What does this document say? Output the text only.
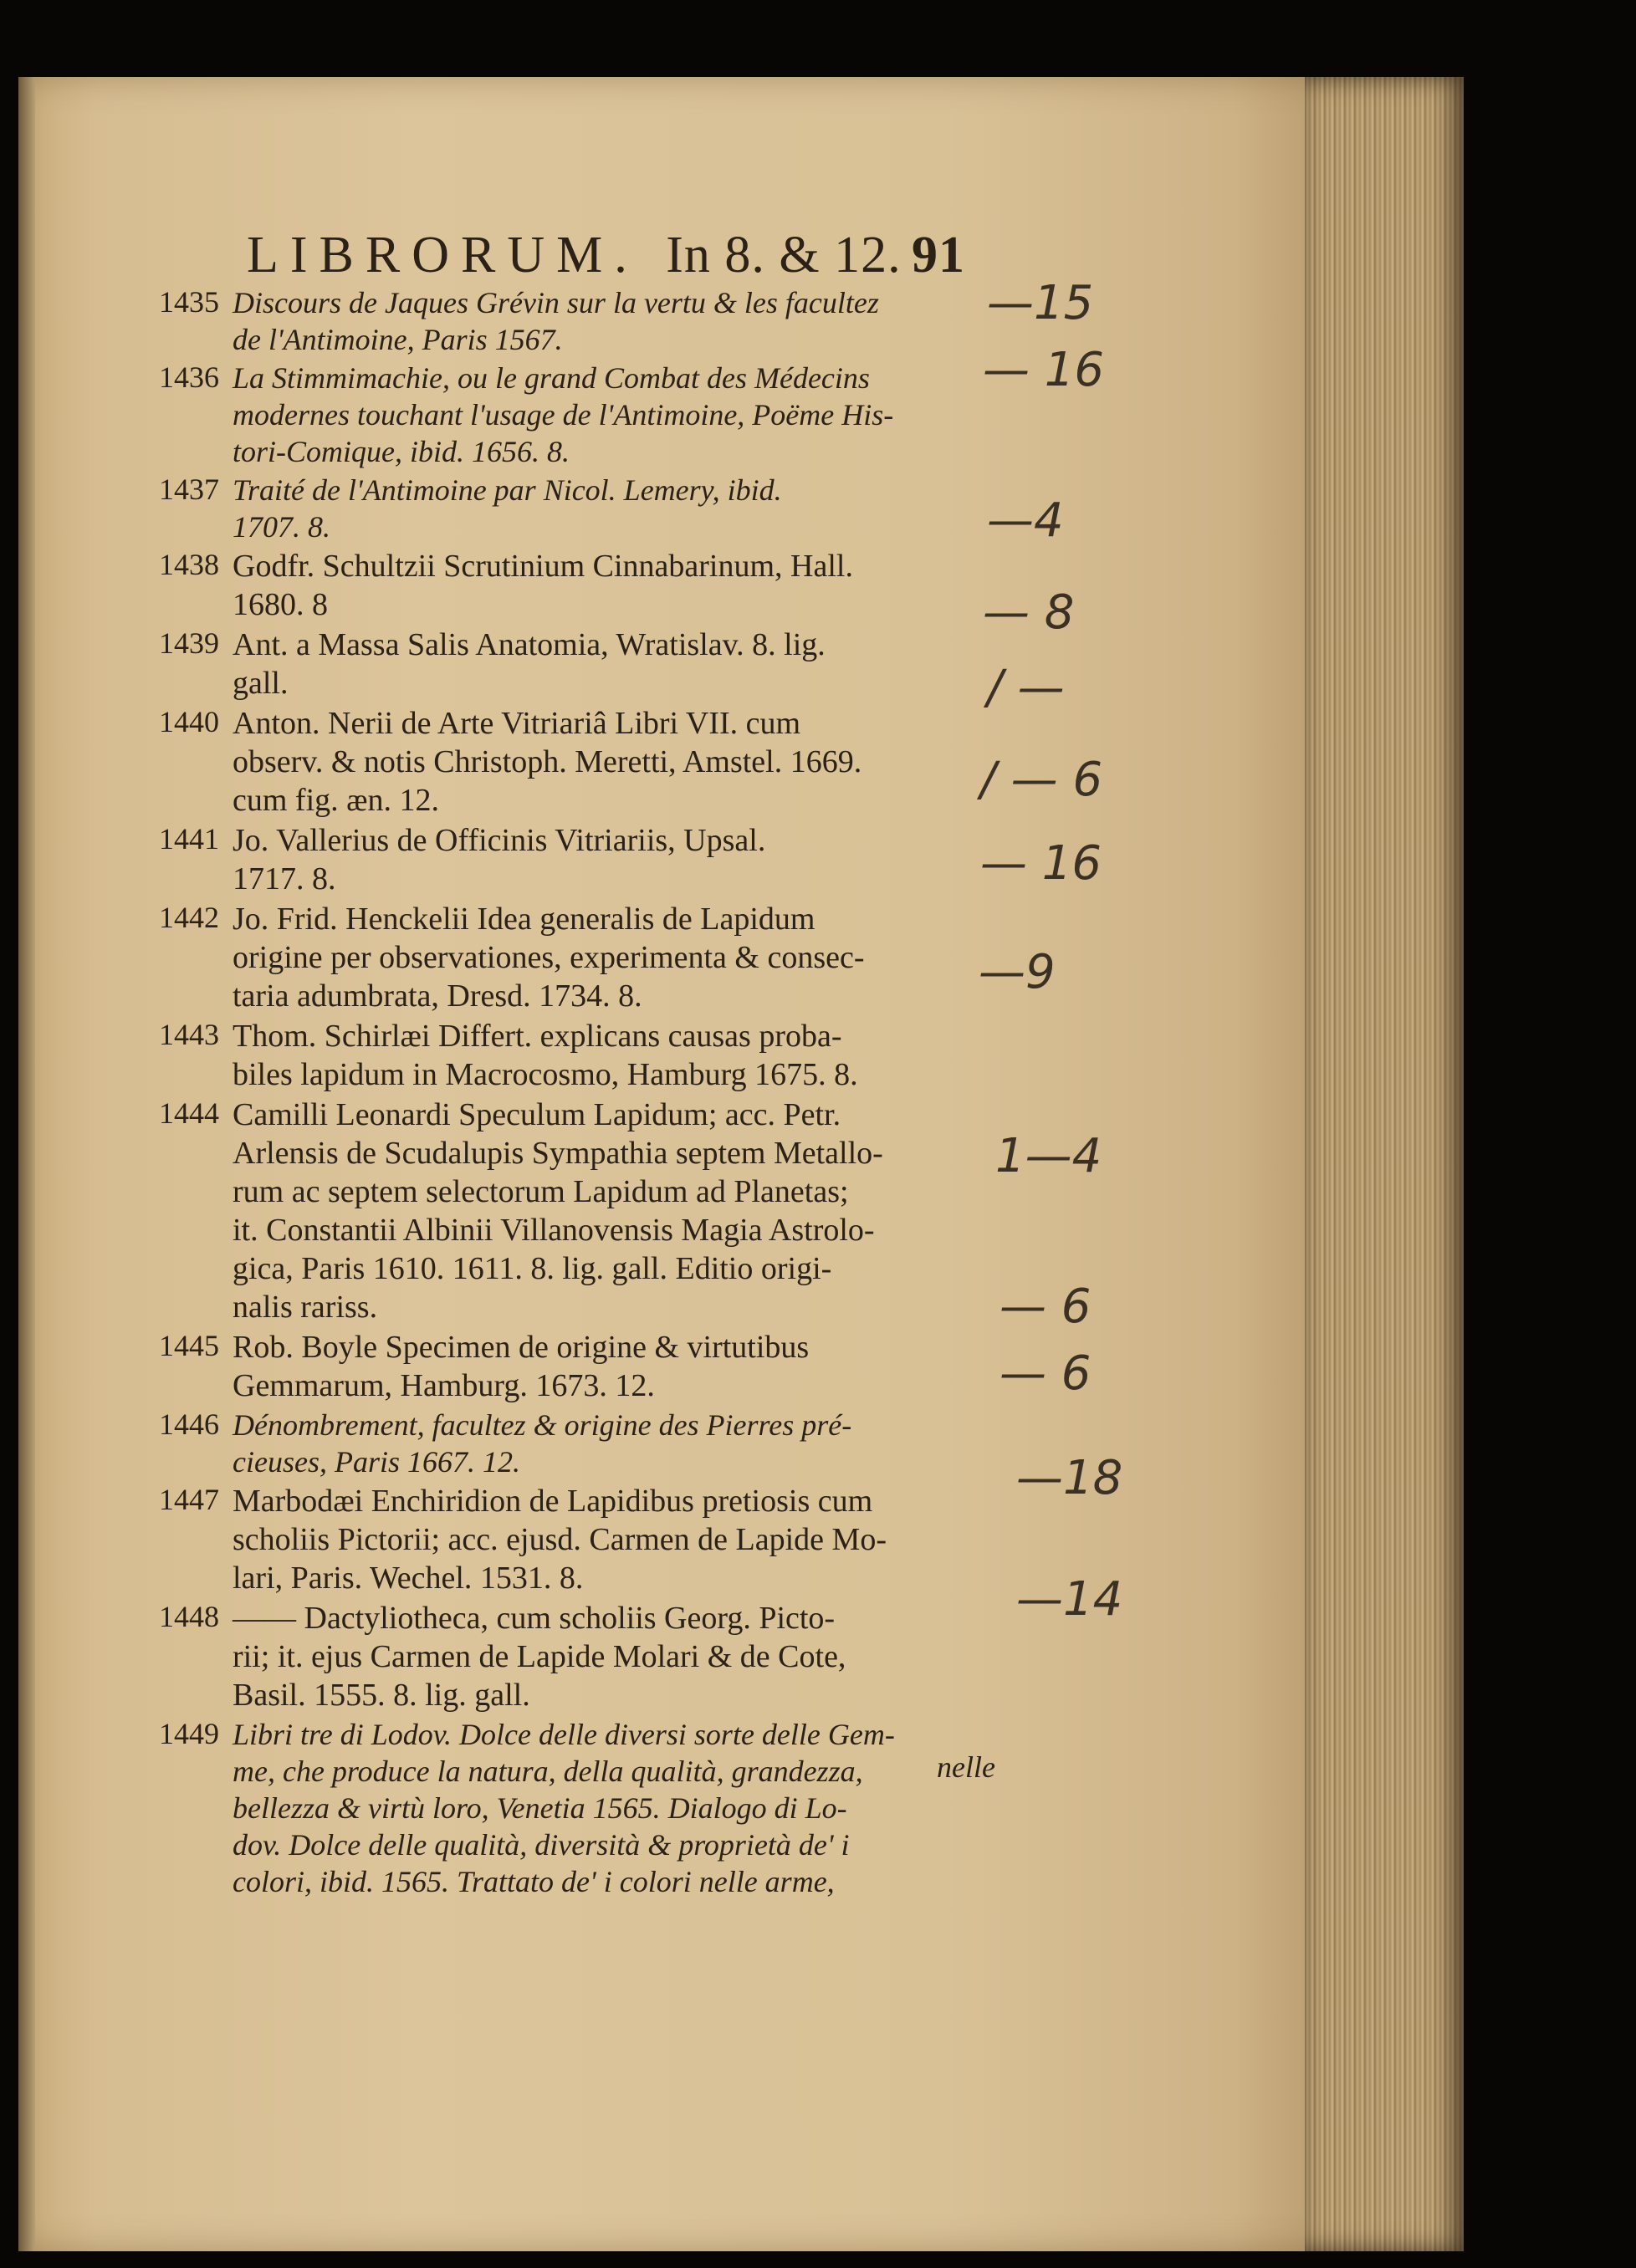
LIBRORUM. In 8. & 12. 91
1435 Discours de Jaques Grévin sur la vertu & les facultez
de l'Antimoine, Paris 1567.
1436 La Stimmimachie, ou le grand Combat des Médecins
modernes touchant l'usage de l'Antimoine, Poëme His-
tori-Comique, ibid. 1656. 8.
1437 Traité de l'Antimoine par Nicol. Lemery, ibid.
1707. 8.
1438 Godfr. Schultzii Scrutinium Cinnabarinum, Hall.
1680. 8
1439 Ant. a Massa Salis Anatomia, Wratislav. 8. lig.
gall.
1440 Anton. Nerii de Arte Vitriariâ Libri VII. cum
observ. & notis Christoph. Meretti, Amstel. 1669.
cum fig. æn. 12.
1441 Jo. Vallerius de Officinis Vitriariis, Upsal.
1717. 8.
1442 Jo. Frid. Henckelii Idea generalis de Lapidum
origine per observationes, experimenta & consec-
taria adumbrata, Dresd. 1734. 8.
1443 Thom. Schirlæi Differt. explicans causas proba-
biles lapidum in Macrocosmo, Hamburg 1675. 8.
1444 Camilli Leonardi Speculum Lapidum; acc. Petr.
Arlensis de Scudalupis Sympathia septem Metallo-
rum ac septem selectorum Lapidum ad Planetas;
it. Constantii Albinii Villanovensis Magia Astrolo-
gica, Paris 1610. 1611. 8. lig. gall. Editio origi-
nalis rariss.
1445 Rob. Boyle Specimen de origine & virtutibus
Gemmarum, Hamburg. 1673. 12.
1446 Dénombrement, facultez & origine des Pierres pré-
cieuses, Paris 1667. 12.
1447 Marbodæi Enchiridion de Lapidibus pretiosis cum
scholiis Pictorii; acc. ejusd. Carmen de Lapide Mo-
lari, Paris. Wechel. 1531. 8.
1448 —— Dactyliotheca, cum scholiis Georg. Picto-
rii; it. ejus Carmen de Lapide Molari & de Cote,
Basil. 1555. 8. lig. gall.
1449 Libri tre di Lodov. Dolce delle diversi sorte delle Gem-
me, che produce la natura, della qualità, grandezza,
bellezza & virtù loro, Venetia 1565. Dialogo di Lo-
dov. Dolce delle qualità, diversità & proprietà de' i
colori, ibid. 1565. Trattato de' i colori nelle arme,
nelle
—15
— 16
—4
— 8
/ —
/ — 6
— 16
—9
1—4
— 6
— 6
—18
—14
